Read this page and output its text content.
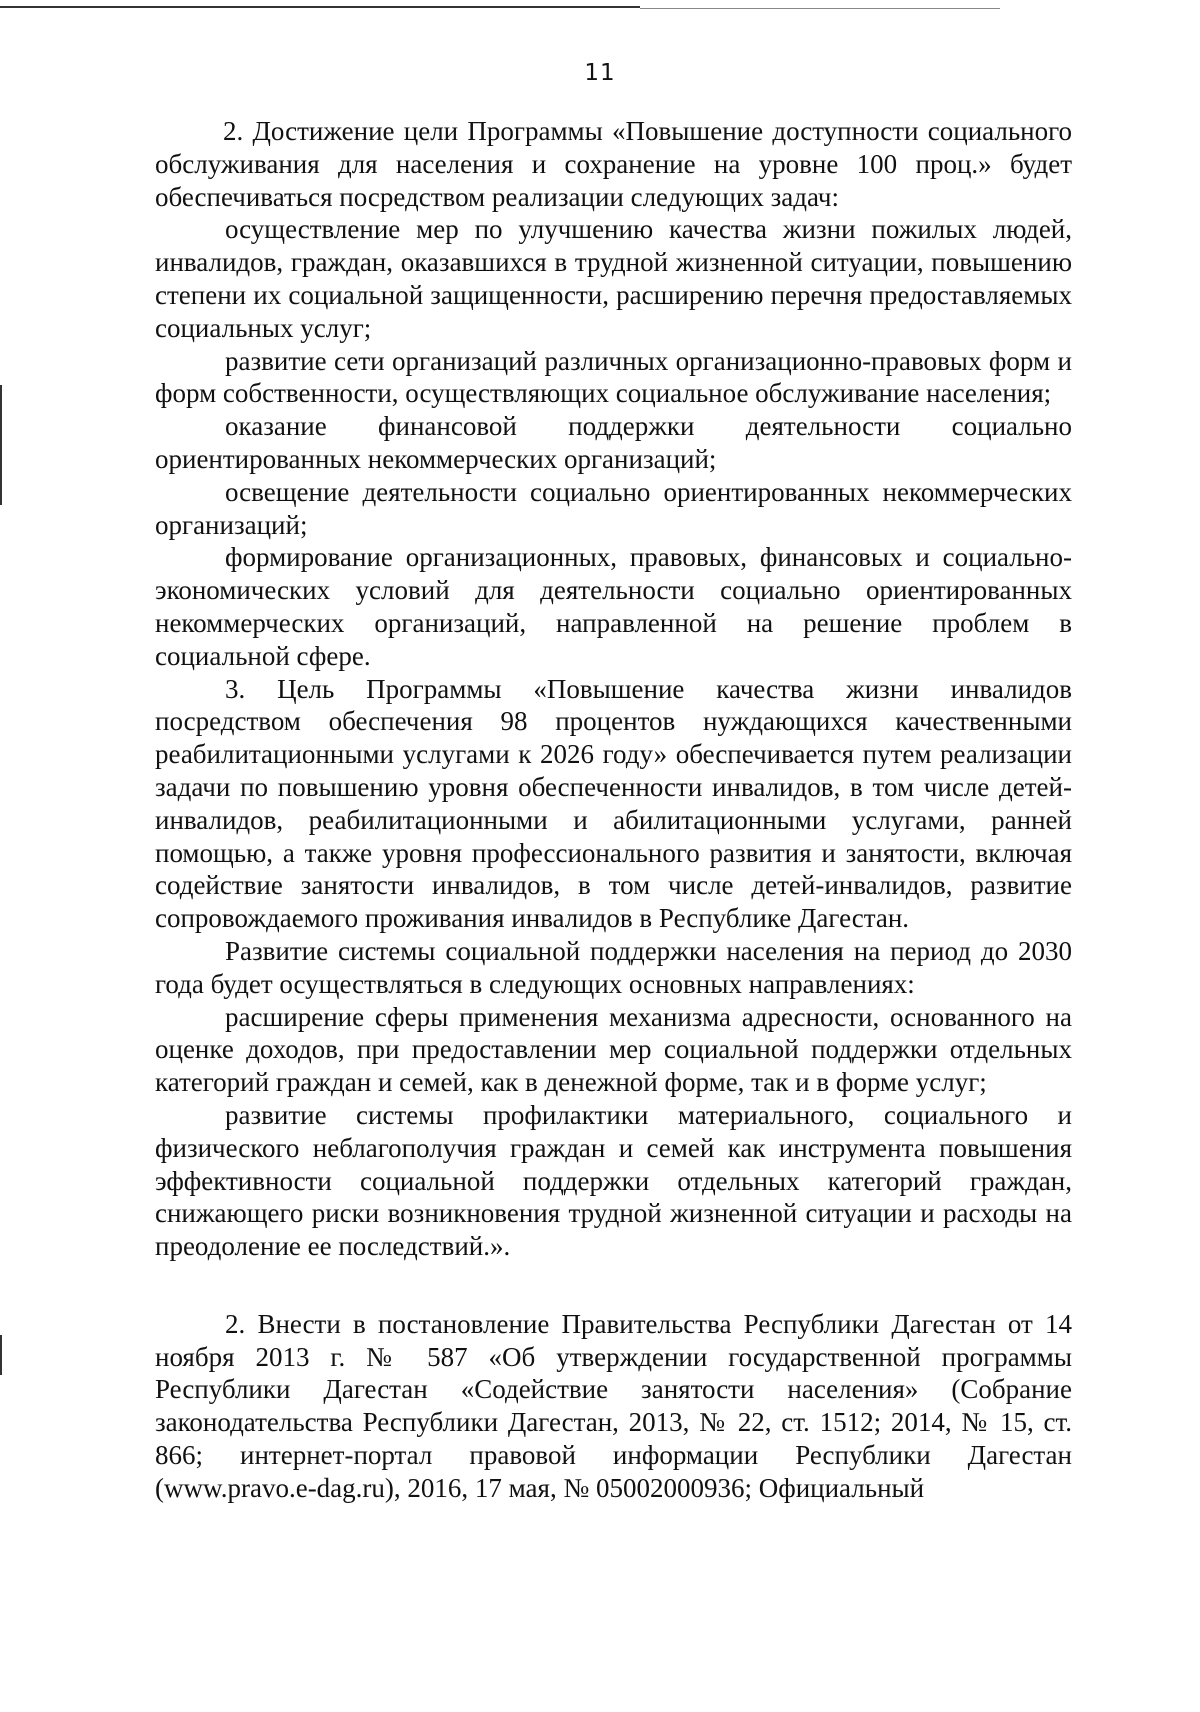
11

2. Достижение цели Программы «Повышение доступности социального обслуживания для населения и сохранение на уровне 100 проц.» будет обеспечиваться посредством реализации следующих задач:

осуществление мер по улучшению качества жизни пожилых людей, инвалидов, граждан, оказавшихся в трудной жизненной ситуации, повышению степени их социальной защищенности, расширению перечня предоставляемых социальных услуг;

развитие сети организаций различных организационно-правовых форм и форм собственности, осуществляющих социальное обслуживание населения;

оказание финансовой поддержки деятельности социально ориентированных некоммерческих организаций;

освещение деятельности социально ориентированных некоммерческих организаций;

формирование организационных, правовых, финансовых и социально-экономических условий для деятельности социально ориентированных некоммерческих организаций, направленной на решение проблем в социальной сфере.

3. Цель Программы «Повышение качества жизни инвалидов посредством обеспечения 98 процентов нуждающихся качественными реабилитационными услугами к 2026 году» обеспечивается путем реализации задачи по повышению уровня обеспеченности инвалидов, в том числе детей-инвалидов, реабилитационными и абилитационными услугами, ранней помощью, а также уровня профессионального развития и занятости, включая содействие занятости инвалидов, в том числе детей-инвалидов, развитие сопровождаемого проживания инвалидов в Республике Дагестан.

Развитие системы социальной поддержки населения на период до 2030 года будет осуществляться в следующих основных направлениях:

расширение сферы применения механизма адресности, основанного на оценке доходов, при предоставлении мер социальной поддержки отдельных категорий граждан и семей, как в денежной форме, так и в форме услуг;

развитие системы профилактики материального, социального и физического неблагополучия граждан и семей как инструмента повышения эффективности социальной поддержки отдельных категорий граждан, снижающего риски возникновения трудной жизненной ситуации и расходы на преодоление ее последствий.».

2. Внести в постановление Правительства Республики Дагестан от 14 ноября 2013 г. № 587 «Об утверждении государственной программы Республики Дагестан «Содействие занятости населения» (Собрание законодательства Республики Дагестан, 2013, № 22, ст. 1512; 2014, № 15, ст. 866; интернет-портал правовой информации Республики Дагестан (www.pravo.e-dag.ru), 2016, 17 мая, № 05002000936; Официальный
